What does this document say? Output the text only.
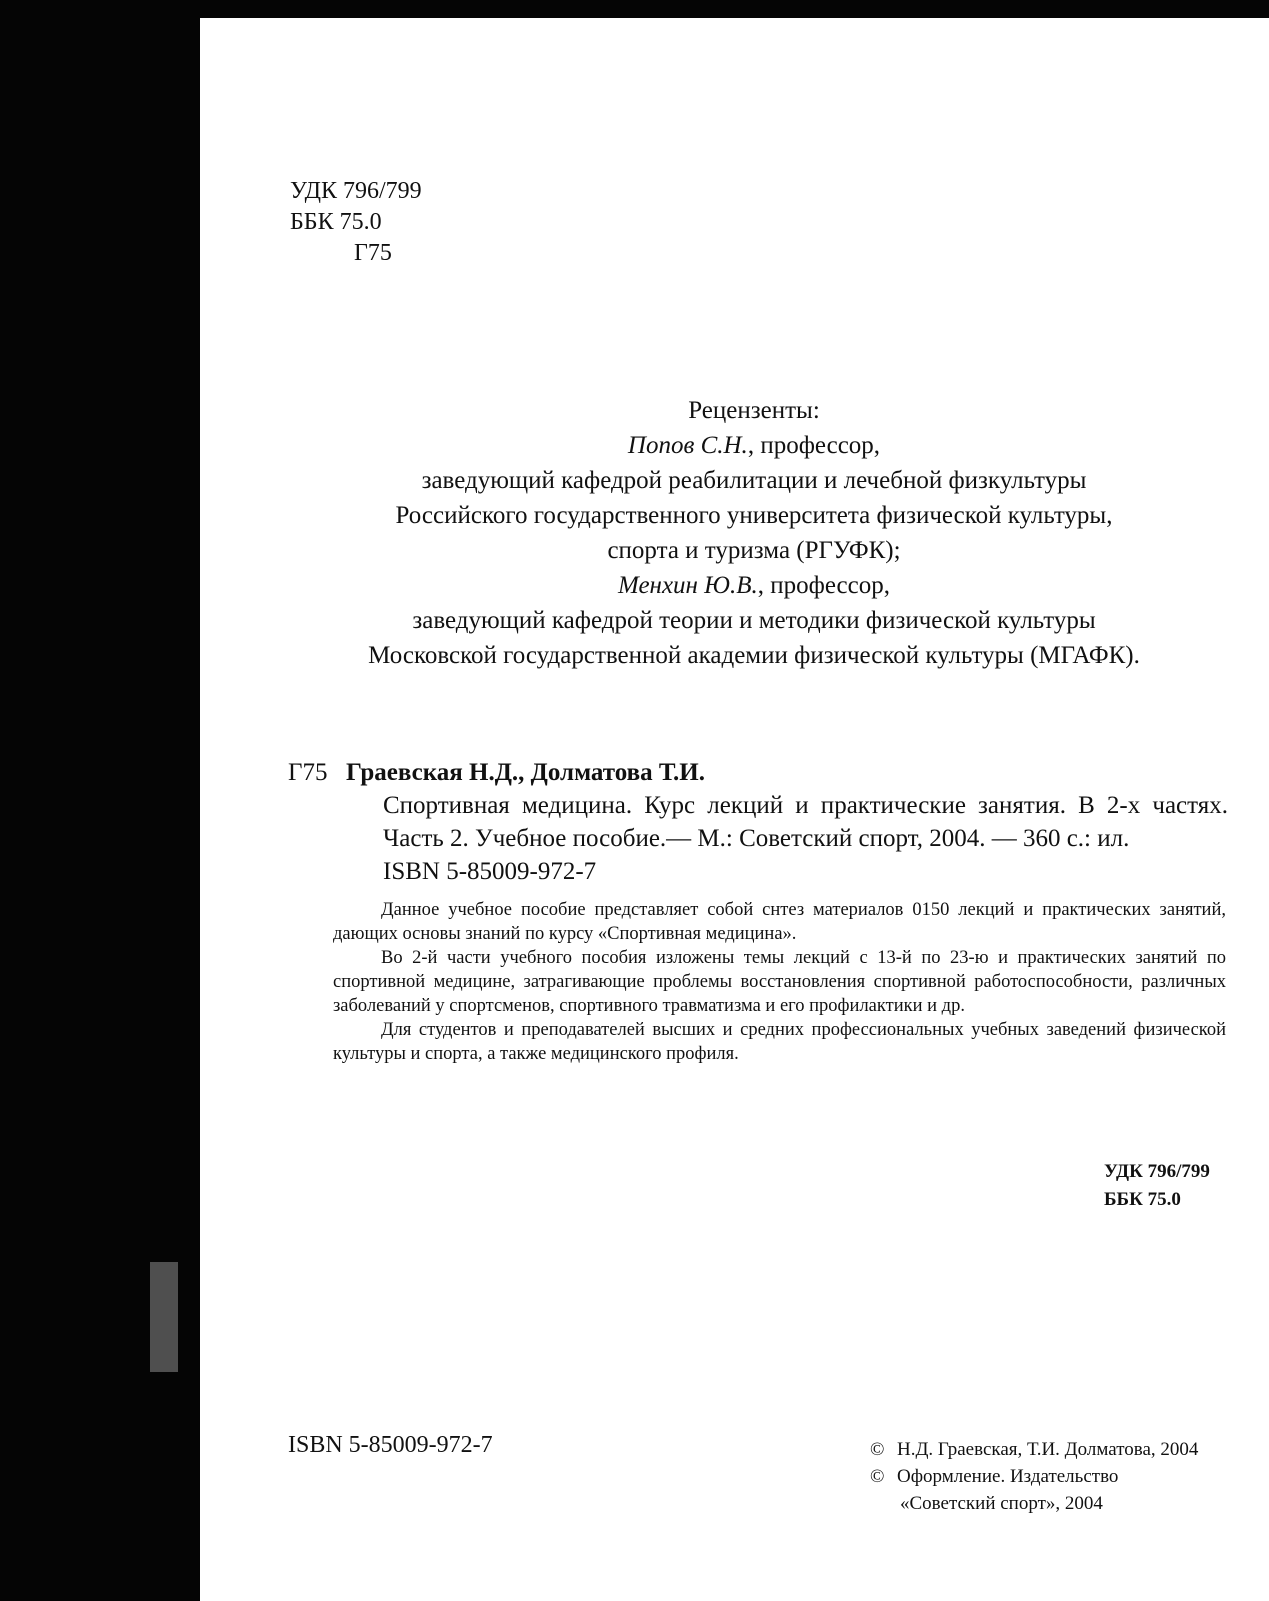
УДК 796/799
ББК 75.0
Г75
Рецензенты:
Попов С.Н., профессор,
заведующий кафедрой реабилитации и лечебной физкультуры
Российского государственного университета физической культуры,
спорта и туризма (РГУФК);
Менхин Ю.В., профессор,
заведующий кафедрой теории и методики физической культуры
Московской государственной академии физической культуры (МГАФК).
Г75 Граевская Н.Д., Долматова Т.И.
Спортивная медицина. Курс лекций и практические занятия. В 2-х частях. Часть 2. Учебное пособие.— М.: Советский спорт, 2004. — 360 с.: ил.
ISBN 5-85009-972-7

Данное учебное пособие представляет собой снтез материалов 0150 лекций и практических занятий, дающих основы знаний по курсу «Спортивная медицина».

Во 2-й части учебного пособия изложены темы лекций с 13-й по 23-ю и практических занятий по спортивной медицине, затрагивающие проблемы восстановления спортивной работоспособности, различных заболеваний у спортсменов, спортивного травматизма и его профилактики и др.

Для студентов и преподавателей высших и средних профессиональных учебных заведений физической культуры и спорта, а также медицинского профиля.

УДК 796/799
ББК 75.0
ISBN 5-85009-972-7	© Н.Д. Граевская, Т.И. Долматова, 2004
© Оформление. Издательство
«Советский спорт», 2004
